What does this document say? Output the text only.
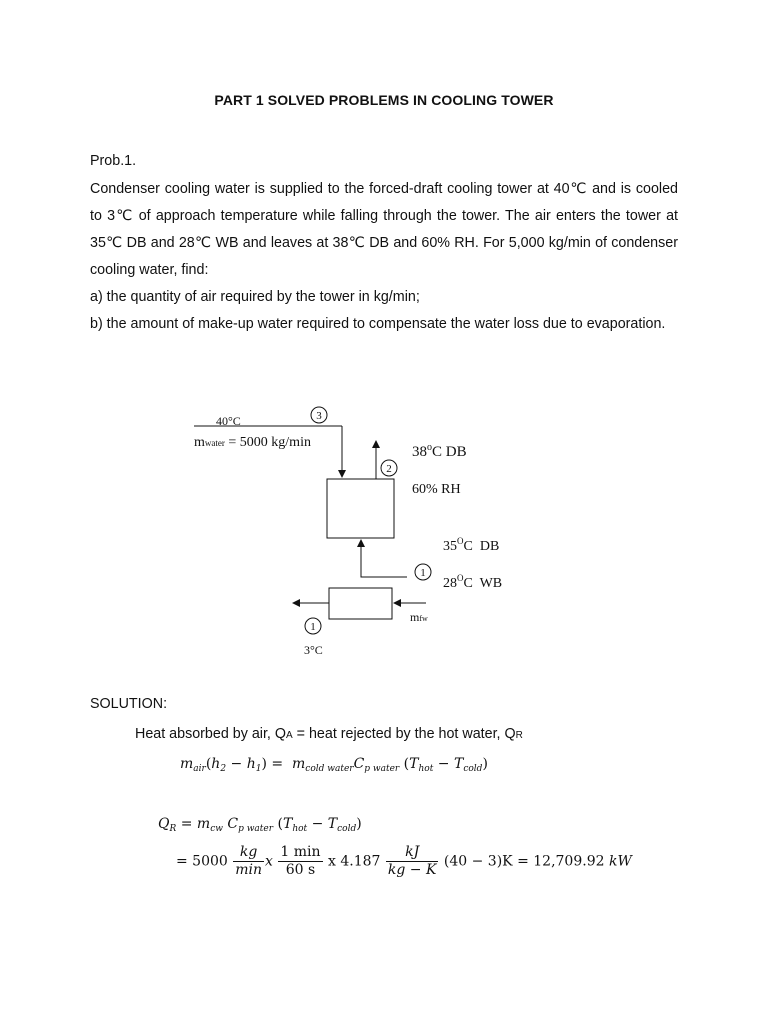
PART 1 SOLVED PROBLEMS IN COOLING TOWER
Prob.1.
Condenser cooling water is supplied to the forced-draft cooling tower at 40℃ and is cooled to 3℃ of approach temperature while falling through the tower. The air enters the tower at 35℃ DB and 28℃ WB and leaves at 38℃ DB and 60% RH. For 5,000 kg/min of condenser cooling water, find:
a) the quantity of air required by the tower in kg/min;
b) the amount of make-up water required to compensate the water loss due to evaporation.
40°C
mwater = 5000 kg/min
3
2
38$^o$C DB
60% RH
1
$35^OC$  DB
$28^OC$  WB
mfw
1
3°C
SOLUTION:
Heat absorbed by air, QA = heat rejected by the hot water, QR
$m_{air}(h_2 - h_1) = m_{cold water}C_{p water}$ $(T_{hot} - T_{cold})$
$Q_R = m_{cw}$ $C_{p water}$ $(T_{hot} - T_{cold})$
= $5000 \frac{kg}{\min}$ x $\frac{1 \min}{60 s}$ x $4.187 \frac{kJ}{kg - K} (40 - 3)K = 12,709.92$ kW
